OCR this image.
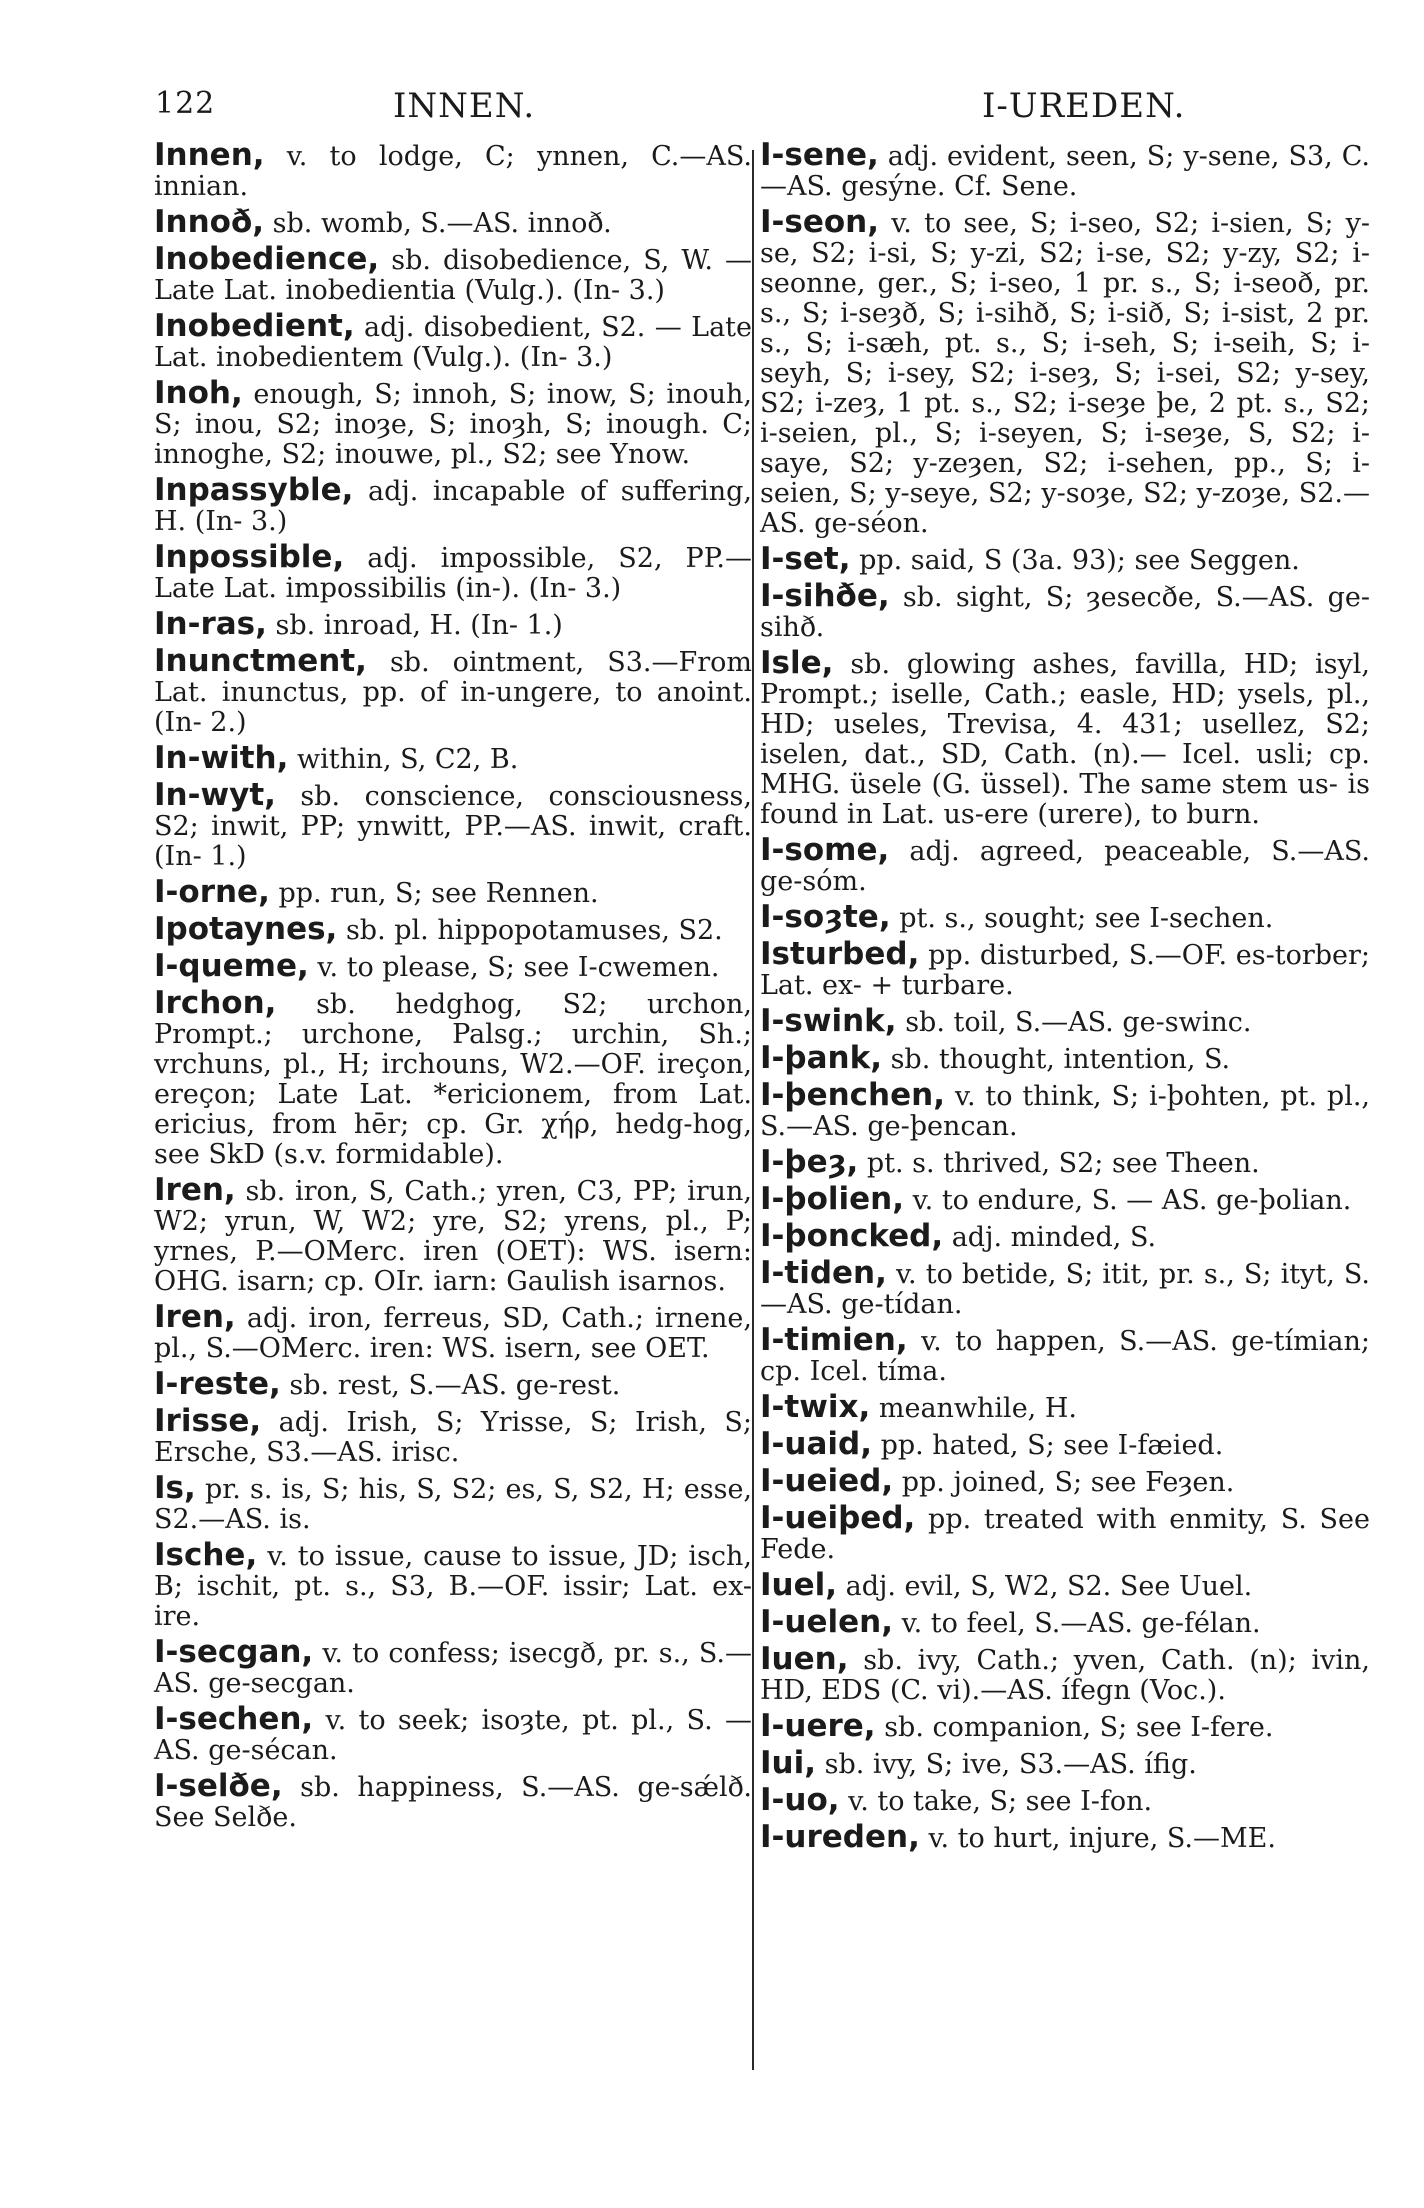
122	INNEN.	I-UREDEN.

Innen, v. to lodge, C; ynnen, C.—AS. innian.

Innoð, sb. womb, S.—AS. innoð.

Inobedience, sb. disobedience, S, W. —Late Lat. inobedientia (Vulg.). (In- 3.)

Inobedient, adj. disobedient, S2. — Late Lat. inobedientem (Vulg.). (In- 3.)

Inoh, enough, S; innoh, S; inow, S; inouh, S; inou, S2; inoȝe, S; inoȝh, S; inough. C; innoghe, S2; inouwe, pl., S2; see Ynow.

Inpassyble, adj. incapable of suffering, H. (In- 3.)

Inpossible, adj. impossible, S2, PP.— Late Lat. impossibilis (in-). (In- 3.)

In-ras, sb. inroad, H. (In- 1.)

Inunctment, sb. ointment, S3.—From Lat. inunctus, pp. of in-ungere, to anoint. (In- 2.)

In-with, within, S, C2, B.

In-wyt, sb. conscience, consciousness, S2; inwit, PP; ynwitt, PP.—AS. inwit, craft. (In- 1.)

I-orne, pp. run, S; see Rennen.

Ipotaynes, sb. pl. hippopotamuses, S2.

I-queme, v. to please, S; see I-cwemen.

Irchon, sb. hedghog, S2; urchon, Prompt.; urchone, Palsg.; urchin, Sh.; vrchuns, pl., H; irchouns, W2.—OF. ireçon, ereçon; Late Lat. *ericionem, from Lat. ericius, from hēr; cp. Gr. χήρ, hedg-hog, see SkD (s.v. formidable).

Iren, sb. iron, S, Cath.; yren, C3, PP; irun, W2; yrun, W, W2; yre, S2; yrens, pl., P; yrnes, P.—OMerc. iren (OET): WS. isern: OHG. isarn; cp. OIr. iarn: Gaulish isarnos.

Iren, adj. iron, ferreus, SD, Cath.; irnene, pl., S.—OMerc. iren: WS. isern, see OET.

I-reste, sb. rest, S.—AS. ge-rest.

Irisse, adj. Irish, S; Yrisse, S; Irish, S; Ersche, S3.—AS. irisc.

Is, pr. s. is, S; his, S, S2; es, S, S2, H; esse, S2.—AS. is.

Ische, v. to issue, cause to issue, JD; isch, B; ischit, pt. s., S3, B.—OF. issir; Lat. ex-ire.

I-secgan, v. to confess; isecgð, pr. s., S.—AS. ge-secgan.

I-sechen, v. to seek; isoȝte, pt. pl., S. —AS. ge-sécan.

I-selðe, sb. happiness, S.—AS. ge-sǽlð. See Selðe.

I-sene, adj. evident, seen, S; y-sene, S3, C.—AS. gesýne. Cf. Sene.

I-seon, v. to see, S; i-seo, S2; i-sien, S; y-se, S2; i-si, S; y-zi, S2; i-se, S2; y-zy, S2; i-seonne, ger., S; i-seo, 1 pr. s., S; i-seoð, pr. s., S; i-seȝð, S; i-sihð, S; i-sið, S; i-sist, 2 pr. s., S; i-sæh, pt. s., S; i-seh, S; i-seih, S; i-seyh, S; i-sey, S2; i-seȝ, S; i-sei, S2; y-sey, S2; i-zeȝ, 1 pt. s., S2; i-seȝe þe, 2 pt. s., S2; i-seien, pl., S; i-seyen, S; i-seȝe, S, S2; i-saye, S2; y-zeȝen, S2; i-sehen, pp., S; i-seien, S; y-seye, S2; y-soȝe, S2; y-zoȝe, S2.—AS. ge-séon.

I-set, pp. said, S (3a. 93); see Seggen.

I-sihðe, sb. sight, S; ȝesecðe, S.—AS. ge-sihð.

Isle, sb. glowing ashes, favilla, HD; isyl, Prompt.; iselle, Cath.; easle, HD; ysels, pl., HD; useles, Trevisa, 4. 431; usellez, S2; iselen, dat., SD, Cath. (n).— Icel. usli; cp. MHG. üsele (G. üssel). The same stem us- is found in Lat. us-ere (urere), to burn.

I-some, adj. agreed, peaceable, S.—AS. ge-sóm.

I-soȝte, pt. s., sought; see I-sechen.

Isturbed, pp. disturbed, S.—OF. es-torber; Lat. ex- + turbare.

I-swink, sb. toil, S.—AS. ge-swinc.

I-þank, sb. thought, intention, S.

I-þenchen, v. to think, S; i-þohten, pt. pl., S.—AS. ge-þencan.

I-þeȝ, pt. s. thrived, S2; see Theen.

I-þolien, v. to endure, S. — AS. ge-þolian.

I-þoncked, adj. minded, S.

I-tiden, v. to betide, S; itit, pr. s., S; ityt, S.—AS. ge-tídan.

I-timien, v. to happen, S.—AS. ge-tímian; cp. Icel. tíma.

I-twix, meanwhile, H.

I-uaid, pp. hated, S; see I-fæied.

I-ueied, pp. joined, S; see Feȝen.

I-ueiþed, pp. treated with enmity, S. See Fede.

Iuel, adj. evil, S, W2, S2. See Uuel.

I-uelen, v. to feel, S.—AS. ge-félan.

Iuen, sb. ivy, Cath.; yven, Cath. (n); ivin, HD, EDS (C. vi).—AS. ífegn (Voc.).

I-uere, sb. companion, S; see I-fere.

Iui, sb. ivy, S; ive, S3.—AS. ífig.

I-uo, v. to take, S; see I-fon.

I-ureden, v. to hurt, injure, S.—ME.
